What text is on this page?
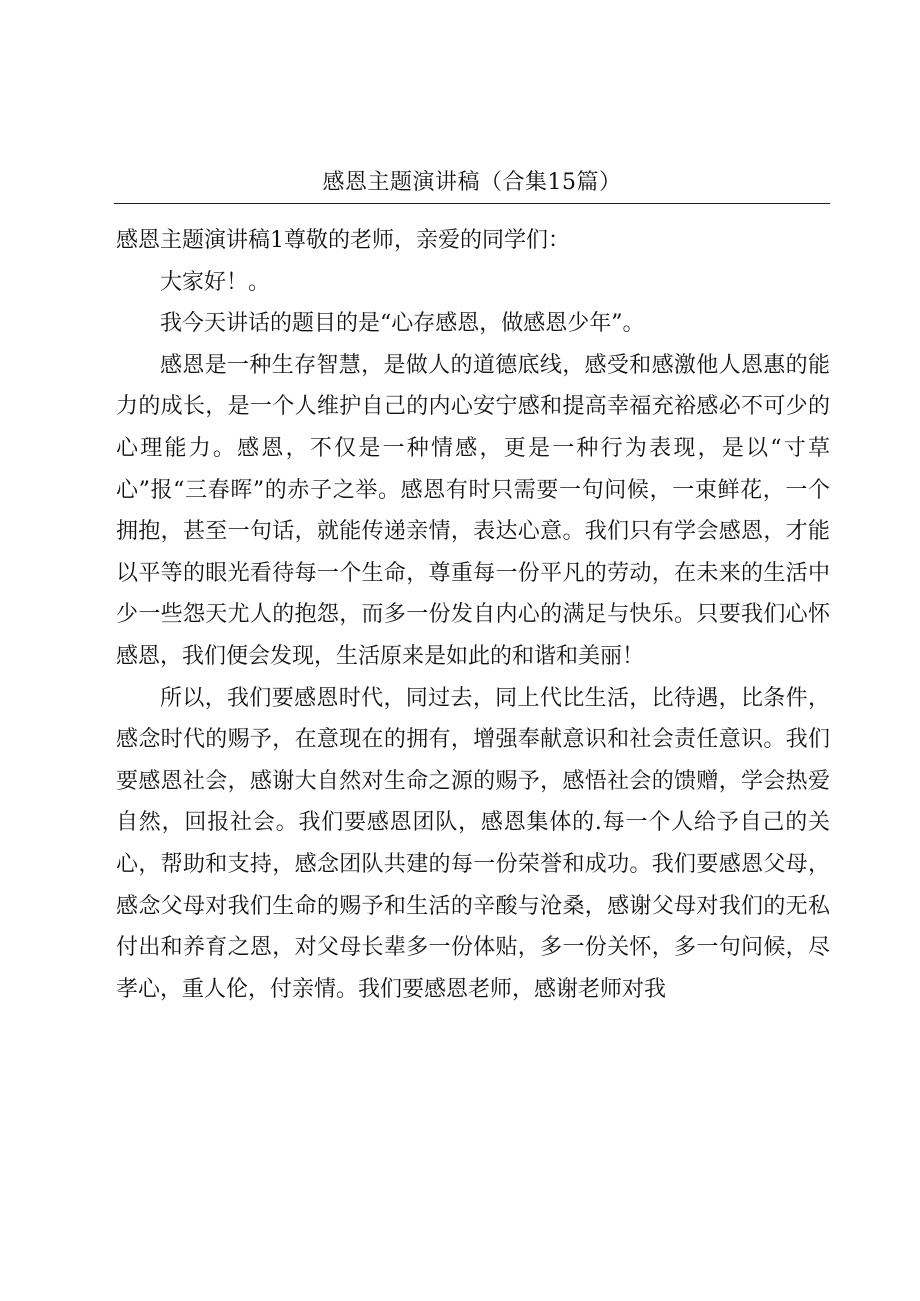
感恩主题演讲稿（合集15篇）

感恩主题演讲稿1尊敬的老师，亲爱的同学们：

大家好！。

我今天讲话的题目的是“心存感恩，做感恩少年”。

感恩是一种生存智慧，是做人的道德底线，感受和感激他人恩惠的能力的成长，是一个人维护自己的内心安宁感和提高幸福充裕感必不可少的心理能力。感恩，不仅是一种情感，更是一种行为表现，是以“寸草心”报“三春晖”的赤子之举。感恩有时只需要一句问候，一束鲜花，一个拥抱，甚至一句话，就能传递亲情，表达心意。我们只有学会感恩，才能以平等的眼光看待每一个生命，尊重每一份平凡的劳动，在未来的生活中少一些怨天尤人的抱怨，而多一份发自内心的满足与快乐。只要我们心怀感恩，我们便会发现，生活原来是如此的和谐和美丽！

所以，我们要感恩时代，同过去，同上代比生活，比待遇，比条件，感念时代的赐予，在意现在的拥有，增强奉献意识和社会责任意识。我们要感恩社会，感谢大自然对生命之源的赐予，感悟社会的馈赠，学会热爱自然，回报社会。我们要感恩团队，感恩集体的.每一个人给予自己的关心，帮助和支持，感念团队共建的每一份荣誉和成功。我们要感恩父母，感念父母对我们生命的赐予和生活的辛酸与沧桑，感谢父母对我们的无私付出和养育之恩，对父母长辈多一份体贴，多一份关怀，多一句问候，尽孝心，重人伦，付亲情。我们要感恩老师，感谢老师对我
